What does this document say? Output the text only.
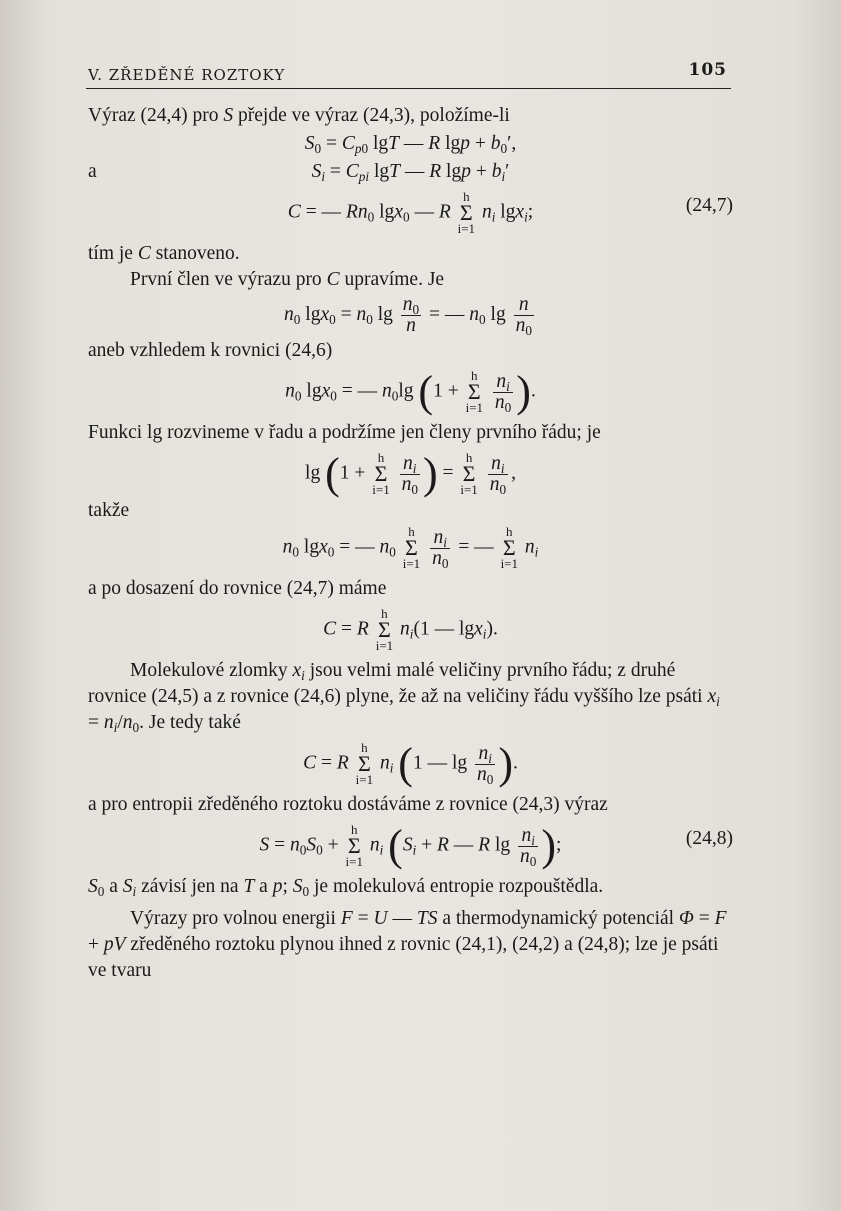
V. ZŘEDĚNÉ ROZTOKY	105

Výraz (24,4) pro S přejde ve výraz (24,3), položíme-li

$S_0 = C_{p0}$ lgT — R $\lg p + b_0'$,
a	$S_i = C_{pi}$ lgT — R $\lg p + b_i'$
C = — $Rn_0$ lgx$_0$ — R h
Σ
i=1 $n_i$ lgx$_i$;	(24,7)

tím je C stanoveno.

První člen ve výrazu pro C upravíme. Je

$n_0$ $\lg x_0 = n_0$ $\lg \frac{n_0}{n}$ = — $n_0$ $\lg \frac{n}{n_0}$

aneb vzhledem k rovnici (24,6)

$n_0$ lgx$_0$ = — $n_0\lg$ (1 + h
Σ
$i=1 \frac{n_i}{n_0}$ ).

Funkci lg rozvineme v řadu a podržíme jen členy prvního řádu; je

lg (1 + h
Σ
$i=1 \frac{n_i}{n_0}$ ) = h
Σ
$i=1 \frac{n_i}{n_0}$ ,

takže

$n_0$ lgx$_0$ = — $n_0$ h
Σ
$i=1 \frac{n_i}{n_0}$ = — h
Σ
i=1 $n_i$

a po dosazení do rovnice (24,7) máme

C = R h
Σ
i=1 $n_i(1$ — lgx$_i$).

Molekulové zlomky $x_i$ jsou velmi malé veličiny prvního řádu; z druhé rovnice (24,5) a z rovnice (24,6) plyne, že až na veličiny řádu vyššího lze psáti $x_i = n_i/n_0$. Je tedy také

C = R h
Σ
i=1 $n_i$ (1 — $\lg \frac{n_i}{n_0}$ ).

a pro entropii zředěného roztoku dostáváme z rovnice (24,3) výraz

$S = n_0S_0 + h$
Σ
i=1 $n_i$ ($S_i + R$ — R $\lg \frac{n_i}{n_0}$ );	(24,8)

$S_0$ a $S_i$ závisí jen na T a p; $S_0$ je molekulová entropie rozpouštědla.

Výrazy pro volnou energii F = U — TS a thermodynamický potenciál Φ = F + pV zředěného roztoku plynou ihned z rovnic (24,1), (24,2) a (24,8); lze je psáti ve tvaru
